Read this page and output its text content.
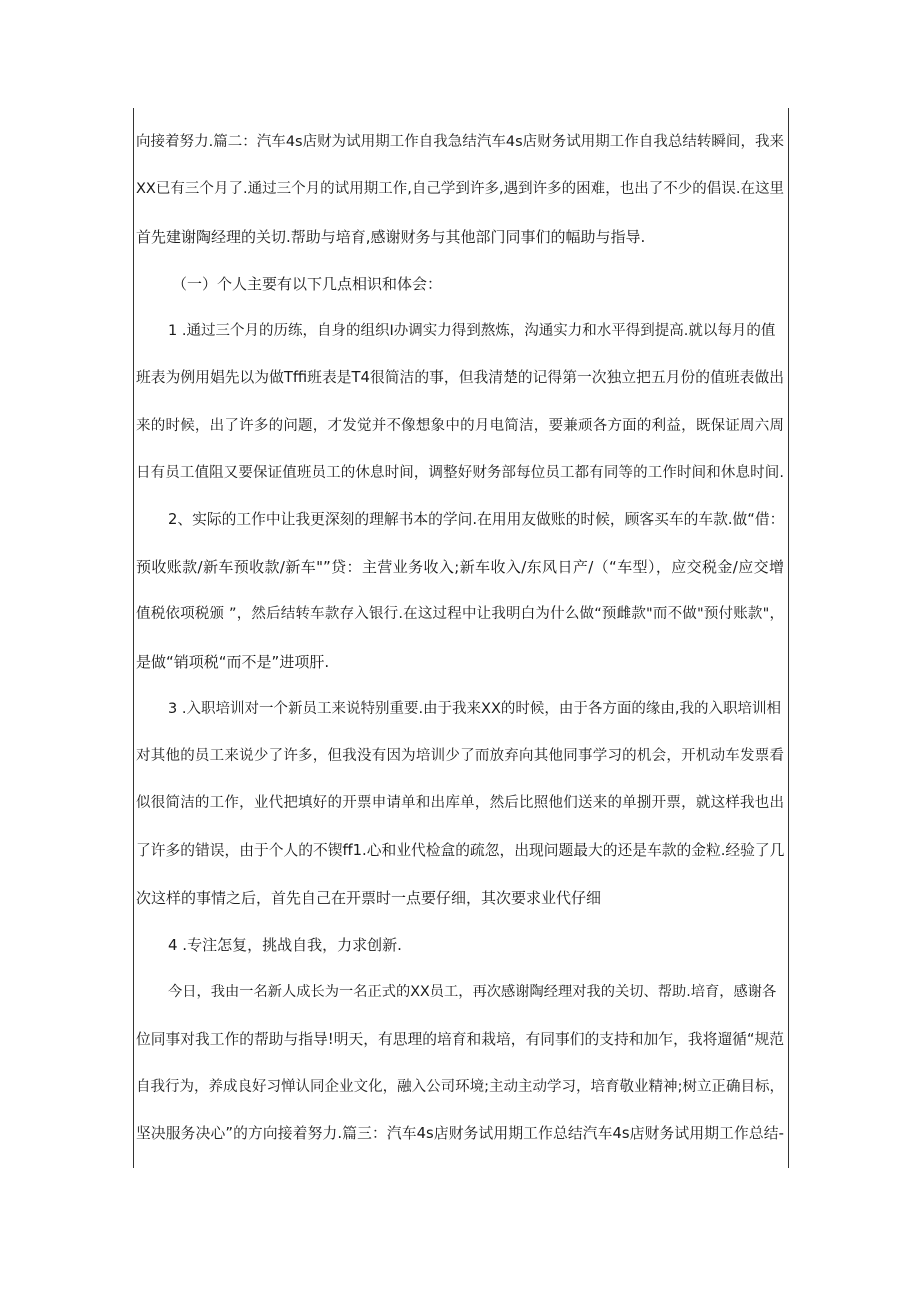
向接着努力.篇二：汽车4s店财为试用期工作自我急结汽车4s店财务试用期工作自我总结转瞬间，我来
XX已有三个月了.通过三个月的试用期工作,自己学到许多,遇到许多的困难，也出了不少的倡误.在这里
首先建谢陶经理的关切.帮助与培育,感谢财务与其他部门同事们的幅助与指导.
（一）个人主要有以下几点相识和体会：
1 .通过三个月的历练，自身的组织I办调实力得到熬炼，沟通实力和水平得到提高.就以每月的值
班表为例用娼先以为做Tffi班表是T4很简洁的事，但我清楚的记得第一次独立把五月份的值班表做出
来的时候，出了许多的问题，才发觉并不像想象中的月电简洁，要兼顽各方面的利益，既保证周六周
日有员工值阻又要保证值班员工的休息时间，调整好财务部每位员工都有同等的工作时间和休息时间.
2、实际的工作中让我更深刻的理解书本的学问.在用用友做账的时候，顾客买车的车款.做“借：
预收账款/新车预收款/新车"”贷：主营业务收入;新车收入/东风日产/（“车型），应交税金/应交增
值税依项税颁 ”，然后结转车款存入银行.在这过程中让我明白为什么做“预雌款"而不做"预付账款"，
是做“销项税“而不是”进项肝.
3 .入职培训对一个新员工来说特别重要.由于我来XX的时候，由于各方面的缘由,我的入职培训相
对其他的员工来说少了许多，但我没有因为培训少了而放弃向其他同事学习的机会，开机动车发票看
似很简洁的工作，业代把填好的开票申请单和出库单，然后比照他们送来的单捌开票，就这样我也出
了许多的错误，由于个人的不锲ff1.心和业代检盒的疏忽，出现问题最大的还是车款的金粒.经验了几
次这样的事情之后，首先自己在开票时一点要仔细，其次要求业代仔细
4 .专注怎复，挑战自我，力求创新.
今日，我由一名新人成长为一名正式的XX员工，再次感谢陶经理对我的关切、帮助.培育，感谢各
位同事对我工作的帮助与指导!明天，有思理的培育和栽培，有同事们的支持和加乍，我将遛循“规范
自我行为，养成良好习惮认同企业文化，融入公司环境;主动主动学习，培育敬业精神;树立正确目标，
坚决服务决心”的方向接着努力.篇三：汽车4s店财务试用期工作总结汽车4s店财务试用期工作总结-
